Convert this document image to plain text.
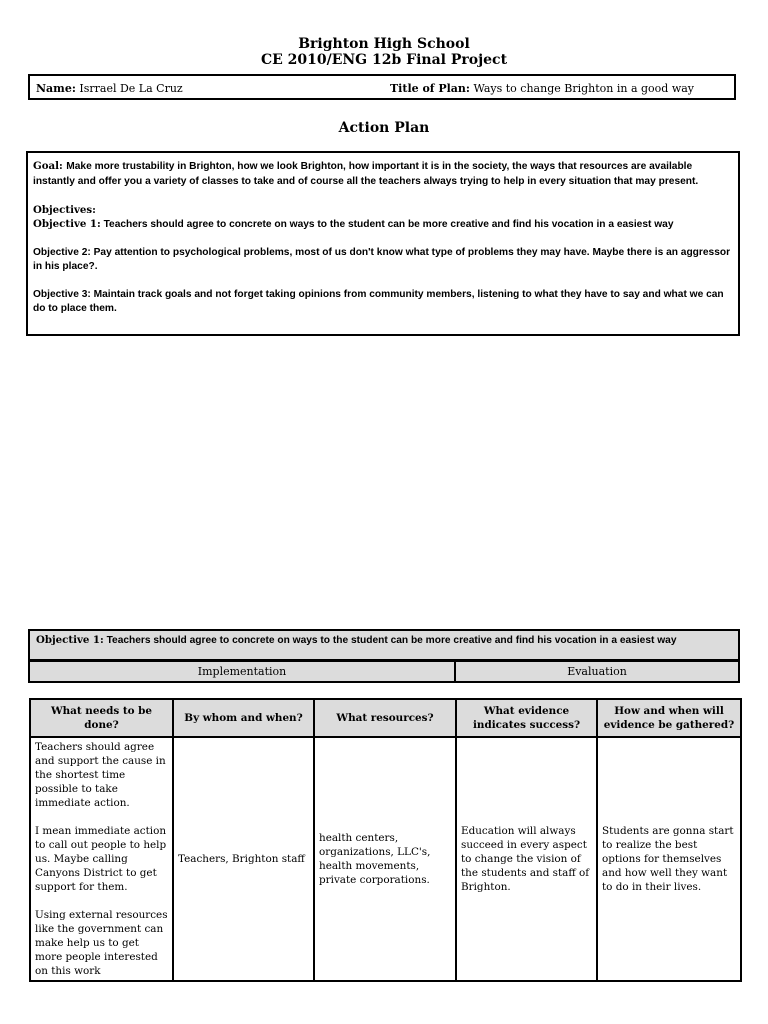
Brighton High School
CE 2010/ENG 12b Final Project
Name: Isrrael De La Cruz	Title of Plan: Ways to change Brighton in a good way
Action Plan

Goal: Make more trustability in Brighton, how we look Brighton, how important it is in the society, the ways that resources are available instantly and offer you a variety of classes to take and of course all the teachers always trying to help in every situation that may present.

Objectives:

Objective 1: Teachers should agree to concrete on ways to the student can be more creative and find his vocation in a easiest way

Objective 2: Pay attention to psychological problems, most of us don't know what type of problems they may have. Maybe there is an aggressor in his place?.

Objective 3: Maintain track goals and not forget taking opinions from community members, listening to what they have to say and what we can do to place them.

Objective 1: Teachers should agree to concrete on ways to the student can be more creative and find his vocation in a easiest way
Implementation	Evaluation
What needs to be done?	By whom and when?	What resources?	What evidence indicates success?	How and when will evidence be gathered?

Teachers should agree and support the cause in the shortest time possible to take immediate action.

I mean immediate action to call out people to help us. Maybe calling Canyons District to get support for them.

Using external resources like the government can make help us to get more people interested on this work	Teachers, Brighton staff	health centers, organizations, LLC's, health movements, private corporations.	Education will always succeed in every aspect to change the vision of the students and staff of Brighton.	Students are gonna start to realize the best options for themselves and how well they want to do in their lives.
